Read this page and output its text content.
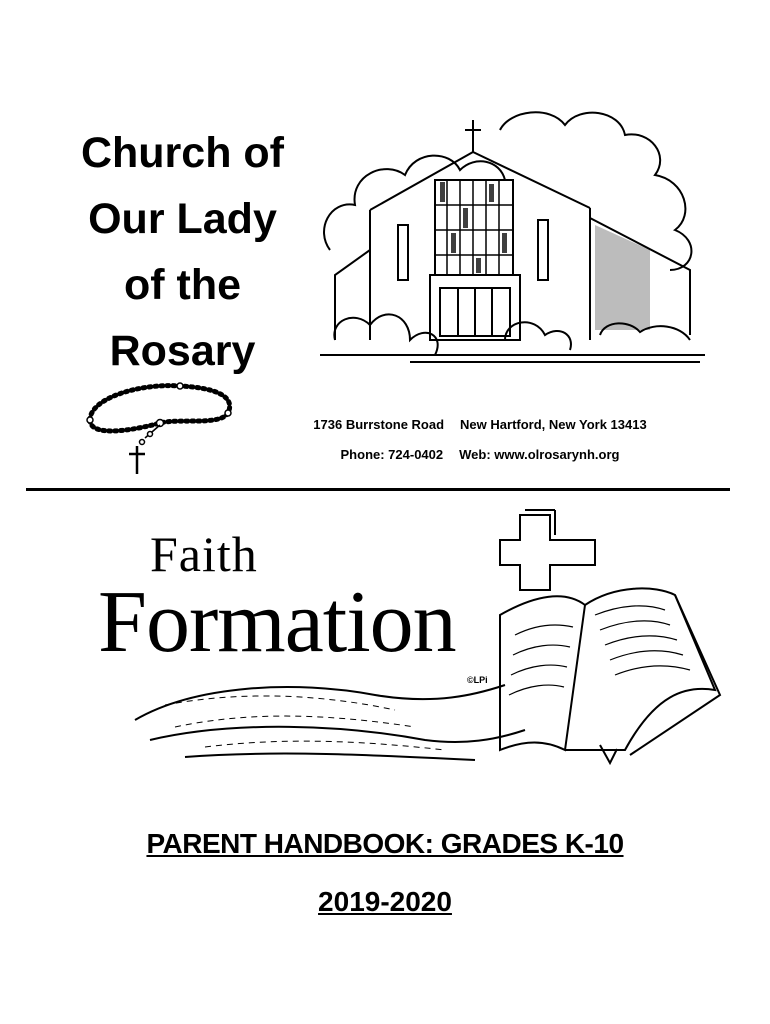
Church of
Our Lady
of the
Rosary
1736 Burrstone Road New Hartford, New York 13413
Phone: 724-0402 Web: www.olrosarynh.org
Faith
Formation
©LPi
PARENT HANDBOOK: GRADES K-10
2019-2020
